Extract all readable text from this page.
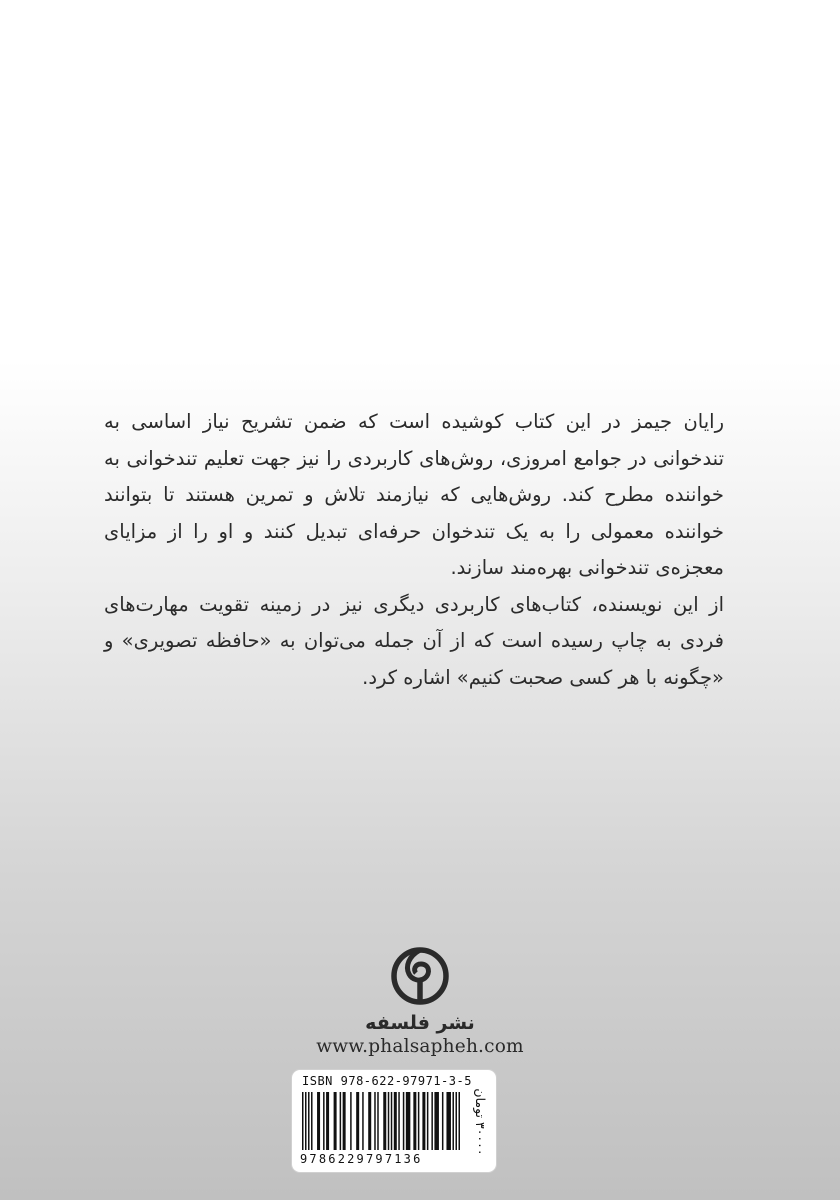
رایان جیمز در این کتاب کوشیده است که ضمن تشریح نیاز اساسی به تندخوانی در جوامع امروزی، روش‌های کاربردی را نیز جهت تعلیم تندخوانی به خواننده مطرح کند. روش‌هایی که نیازمند تلاش و تمرین هستند تا بتوانند خواننده معمولی را به یک تندخوان حرفه‌ای تبدیل کنند و او را از مزایای معجزه‌ی تندخوانی بهره‌مند سازند.

از این نویسنده، کتاب‌های کاربردی دیگری نیز در زمینه تقویت مهارت‌های فردی به چاپ رسیده است که از آن جمله می‌توان به «حافظه تصویری» و «چگونه با هر کسی صحبت کنیم» اشاره کرد.

نشر فلسفه
www.phalsapheh.com
ISBN 978-622-97971-3-5
9786229797136
۳۰۰۰۰ تومان
